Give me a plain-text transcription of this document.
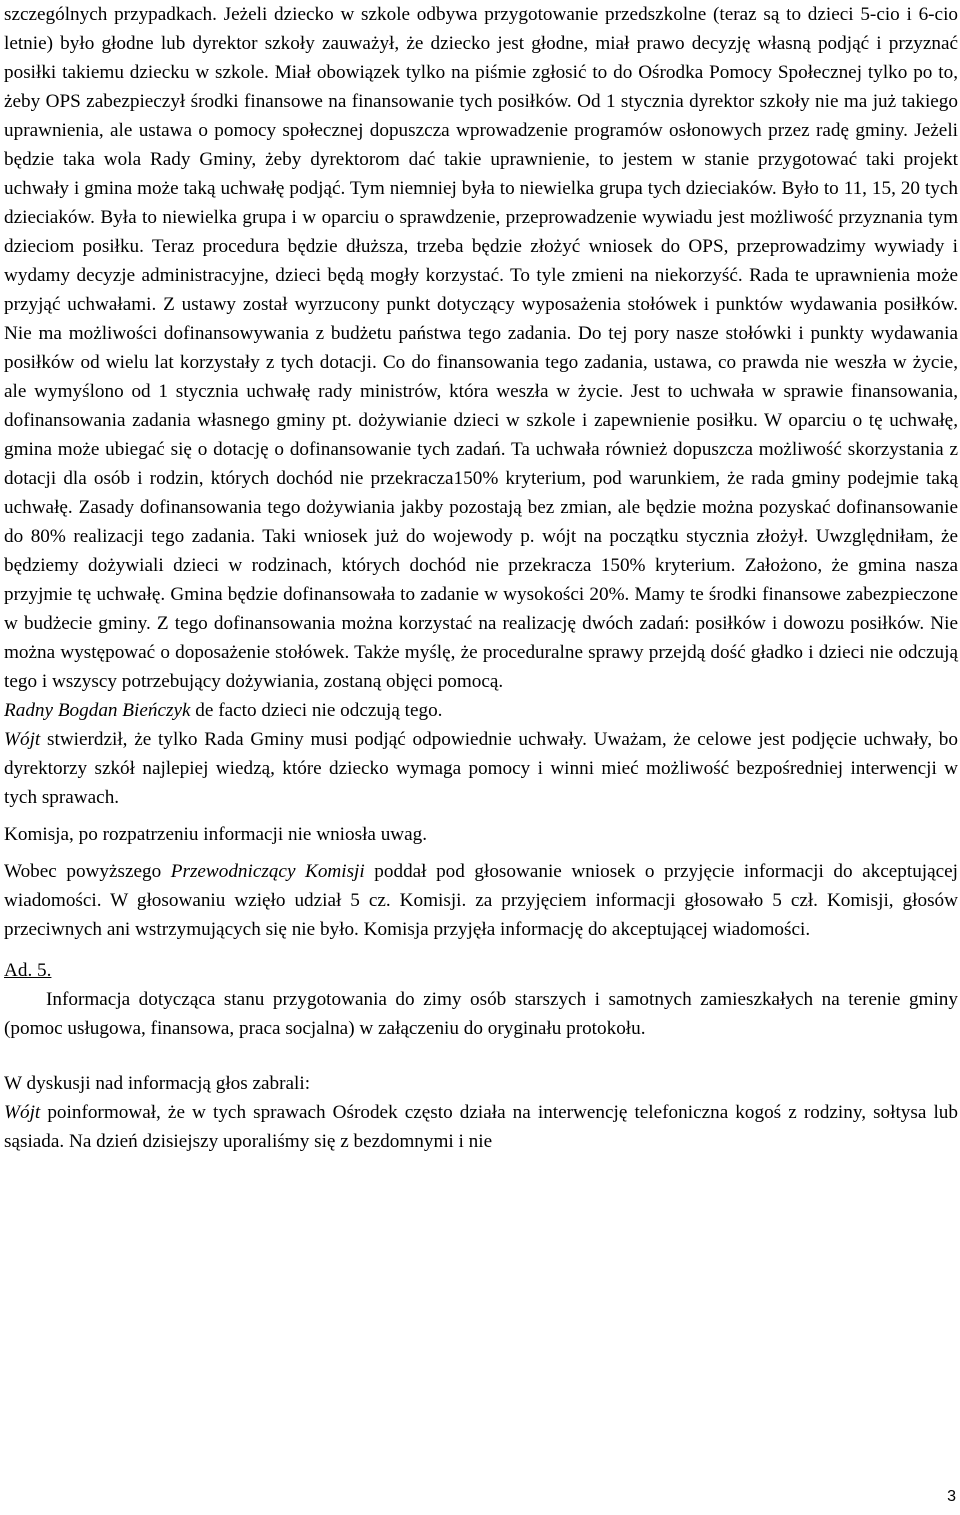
szczególnych przypadkach. Jeżeli dziecko w szkole odbywa przygotowanie przedszkolne (teraz są to dzieci 5-cio i 6-cio letnie) było głodne lub dyrektor szkoły zauważył, że dziecko jest głodne, miał prawo decyzję własną podjąć i przyznać posiłki takiemu dziecku w szkole. Miał obowiązek tylko na piśmie zgłosić to do Ośrodka Pomocy Społecznej tylko po to, żeby OPS zabezpieczył środki finansowe na finansowanie tych posiłków. Od 1 stycznia dyrektor szkoły nie ma już takiego uprawnienia, ale ustawa o pomocy społecznej dopuszcza wprowadzenie programów osłonowych przez radę gminy. Jeżeli będzie taka wola Rady Gminy, żeby dyrektorom dać takie uprawnienie, to jestem w stanie przygotować taki projekt uchwały i gmina może taką uchwałę podjąć. Tym niemniej była to niewielka grupa tych dzieciaków. Było to 11, 15, 20 tych dzieciaków. Była to niewielka grupa i w oparciu o sprawdzenie, przeprowadzenie wywiadu jest możliwość przyznania tym dzieciom posiłku. Teraz procedura będzie dłuższa, trzeba będzie złożyć wniosek do OPS, przeprowadzimy wywiady i wydamy decyzje administracyjne, dzieci będą mogły korzystać. To tyle zmieni na niekorzyść. Rada te uprawnienia może przyjąć uchwałami. Z ustawy został wyrzucony punkt dotyczący wyposażenia stołówek i punktów wydawania posiłków. Nie ma możliwości dofinansowywania z budżetu państwa tego zadania. Do tej pory nasze stołówki i punkty wydawania posiłków od wielu lat korzystały z tych dotacji. Co do finansowania tego zadania, ustawa, co prawda nie weszła w życie, ale wymyślono od 1 stycznia uchwałę rady ministrów, która weszła w życie. Jest to uchwała w sprawie finansowania, dofinansowania zadania własnego gminy pt. dożywianie dzieci w szkole i zapewnienie posiłku. W oparciu o tę uchwałę, gmina może ubiegać się o dotację o dofinansowanie tych zadań. Ta uchwała również dopuszcza możliwość skorzystania z dotacji dla osób i rodzin, których dochód nie przekracza150% kryterium, pod warunkiem, że rada gminy podejmie taką uchwałę. Zasady dofinansowania tego dożywiania jakby pozostają bez zmian, ale będzie można pozyskać dofinansowanie do 80% realizacji tego zadania. Taki wniosek już do wojewody p. wójt na początku stycznia złożył. Uwzględniłam, że będziemy dożywiali dzieci w rodzinach, których dochód nie przekracza 150% kryterium. Założono, że gmina nasza przyjmie tę uchwałę. Gmina będzie dofinansowała to zadanie w wysokości 20%. Mamy te środki finansowe zabezpieczone w budżecie gminy. Z tego dofinansowania można korzystać na realizację dwóch zadań: posiłków i dowozu posiłków. Nie można występować o doposażenie stołówek. Także myślę, że proceduralne sprawy przejdą dość gładko i dzieci nie odczują tego i wszyscy potrzebujący dożywiania, zostaną objęci pomocą.

Radny Bogdan Bieńczyk de facto dzieci nie odczują tego.

Wójt stwierdził, że tylko Rada Gminy musi podjąć odpowiednie uchwały. Uważam, że celowe jest podjęcie uchwały, bo dyrektorzy szkół najlepiej wiedzą, które dziecko wymaga pomocy i winni mieć możliwość bezpośredniej interwencji w tych sprawach.

Komisja, po rozpatrzeniu informacji nie wniosła uwag.

Wobec powyższego Przewodniczący Komisji poddał pod głosowanie wniosek o przyjęcie informacji do akceptującej wiadomości. W głosowaniu wzięło udział 5 cz. Komisji. za przyjęciem informacji głosowało 5 czł. Komisji, głosów przeciwnych ani wstrzymujących się nie było. Komisja przyjęła informację do akceptującej wiadomości.

Ad. 5.

Informacja dotycząca stanu przygotowania do zimy osób starszych i samotnych zamieszkałych na terenie gminy (pomoc usługowa, finansowa, praca socjalna) w załączeniu do oryginału protokołu.

W dyskusji nad informacją głos zabrali:

Wójt poinformował, że w tych sprawach Ośrodek często działa na interwencję telefoniczna kogoś z rodziny, sołtysa lub sąsiada. Na dzień dzisiejszy uporaliśmy się z bezdomnymi i nie

3
